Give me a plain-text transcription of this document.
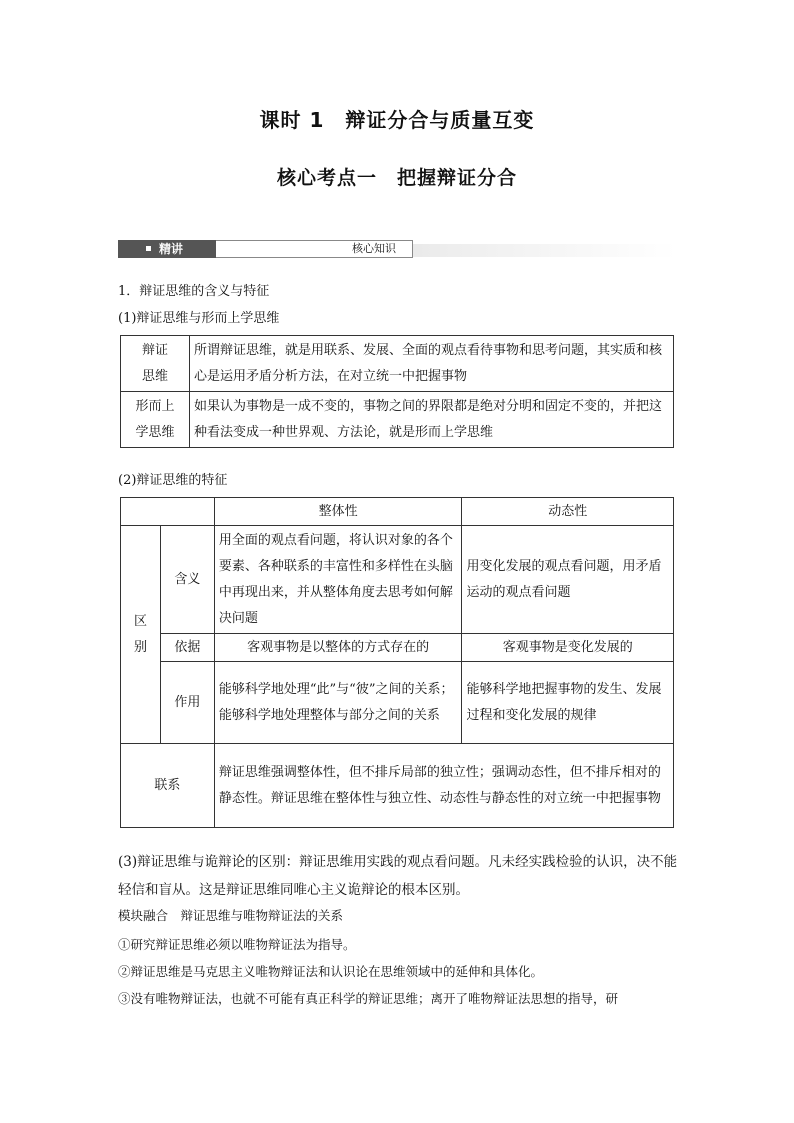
课时 1　辩证分合与质量互变
核心考点一　把握辩证分合
核心知识
精讲
1．辩证思维的含义与特征
(1)辩证思维与形而上学思维
辩证
思维	所谓辩证思维，就是用联系、发展、全面的观点看待事物和思考问题，其实质和核心是运用矛盾分析方法，在对立统一中把握事物

形而上
学思维	如果认为事物是一成不变的，事物之间的界限都是绝对分明和固定不变的，并把这种看法变成一种世界观、方法论，就是形而上学思维
(2)辩证思维的特征
		整体性	动态性
区别	含义	用全面的观点看问题，将认识对象的各个要素、各种联系的丰富性和多样性在头脑中再现出来，并从整体角度去思考如何解决问题	用变化发展的观点看问题，用矛盾运动的观点看问题
	依据	客观事物是以整体的方式存在的	客观事物是变化发展的
	作用	能够科学地处理“此”与“彼”之间的关系；能够科学地处理整体与部分之间的关系	能够科学地把握事物的发生、发展过程和变化发展的规律
联系		辩证思维强调整体性，但不排斥局部的独立性；强调动态性，但不排斥相对的静态性。辩证思维在整体性与独立性、动态性与静态性的对立统一中把握事物	
(3)辩证思维与诡辩论的区别：辩证思维用实践的观点看问题。凡未经实践检验的认识，决不能轻信和盲从。这是辩证思维同唯心主义诡辩论的根本区别。
模块融合　辩证思维与唯物辩证法的关系
①研究辩证思维必须以唯物辩证法为指导。
②辩证思维是马克思主义唯物辩证法和认识论在思维领域中的延伸和具体化。
③没有唯物辩证法，也就不可能有真正科学的辩证思维；离开了唯物辩证法思想的指导，研
